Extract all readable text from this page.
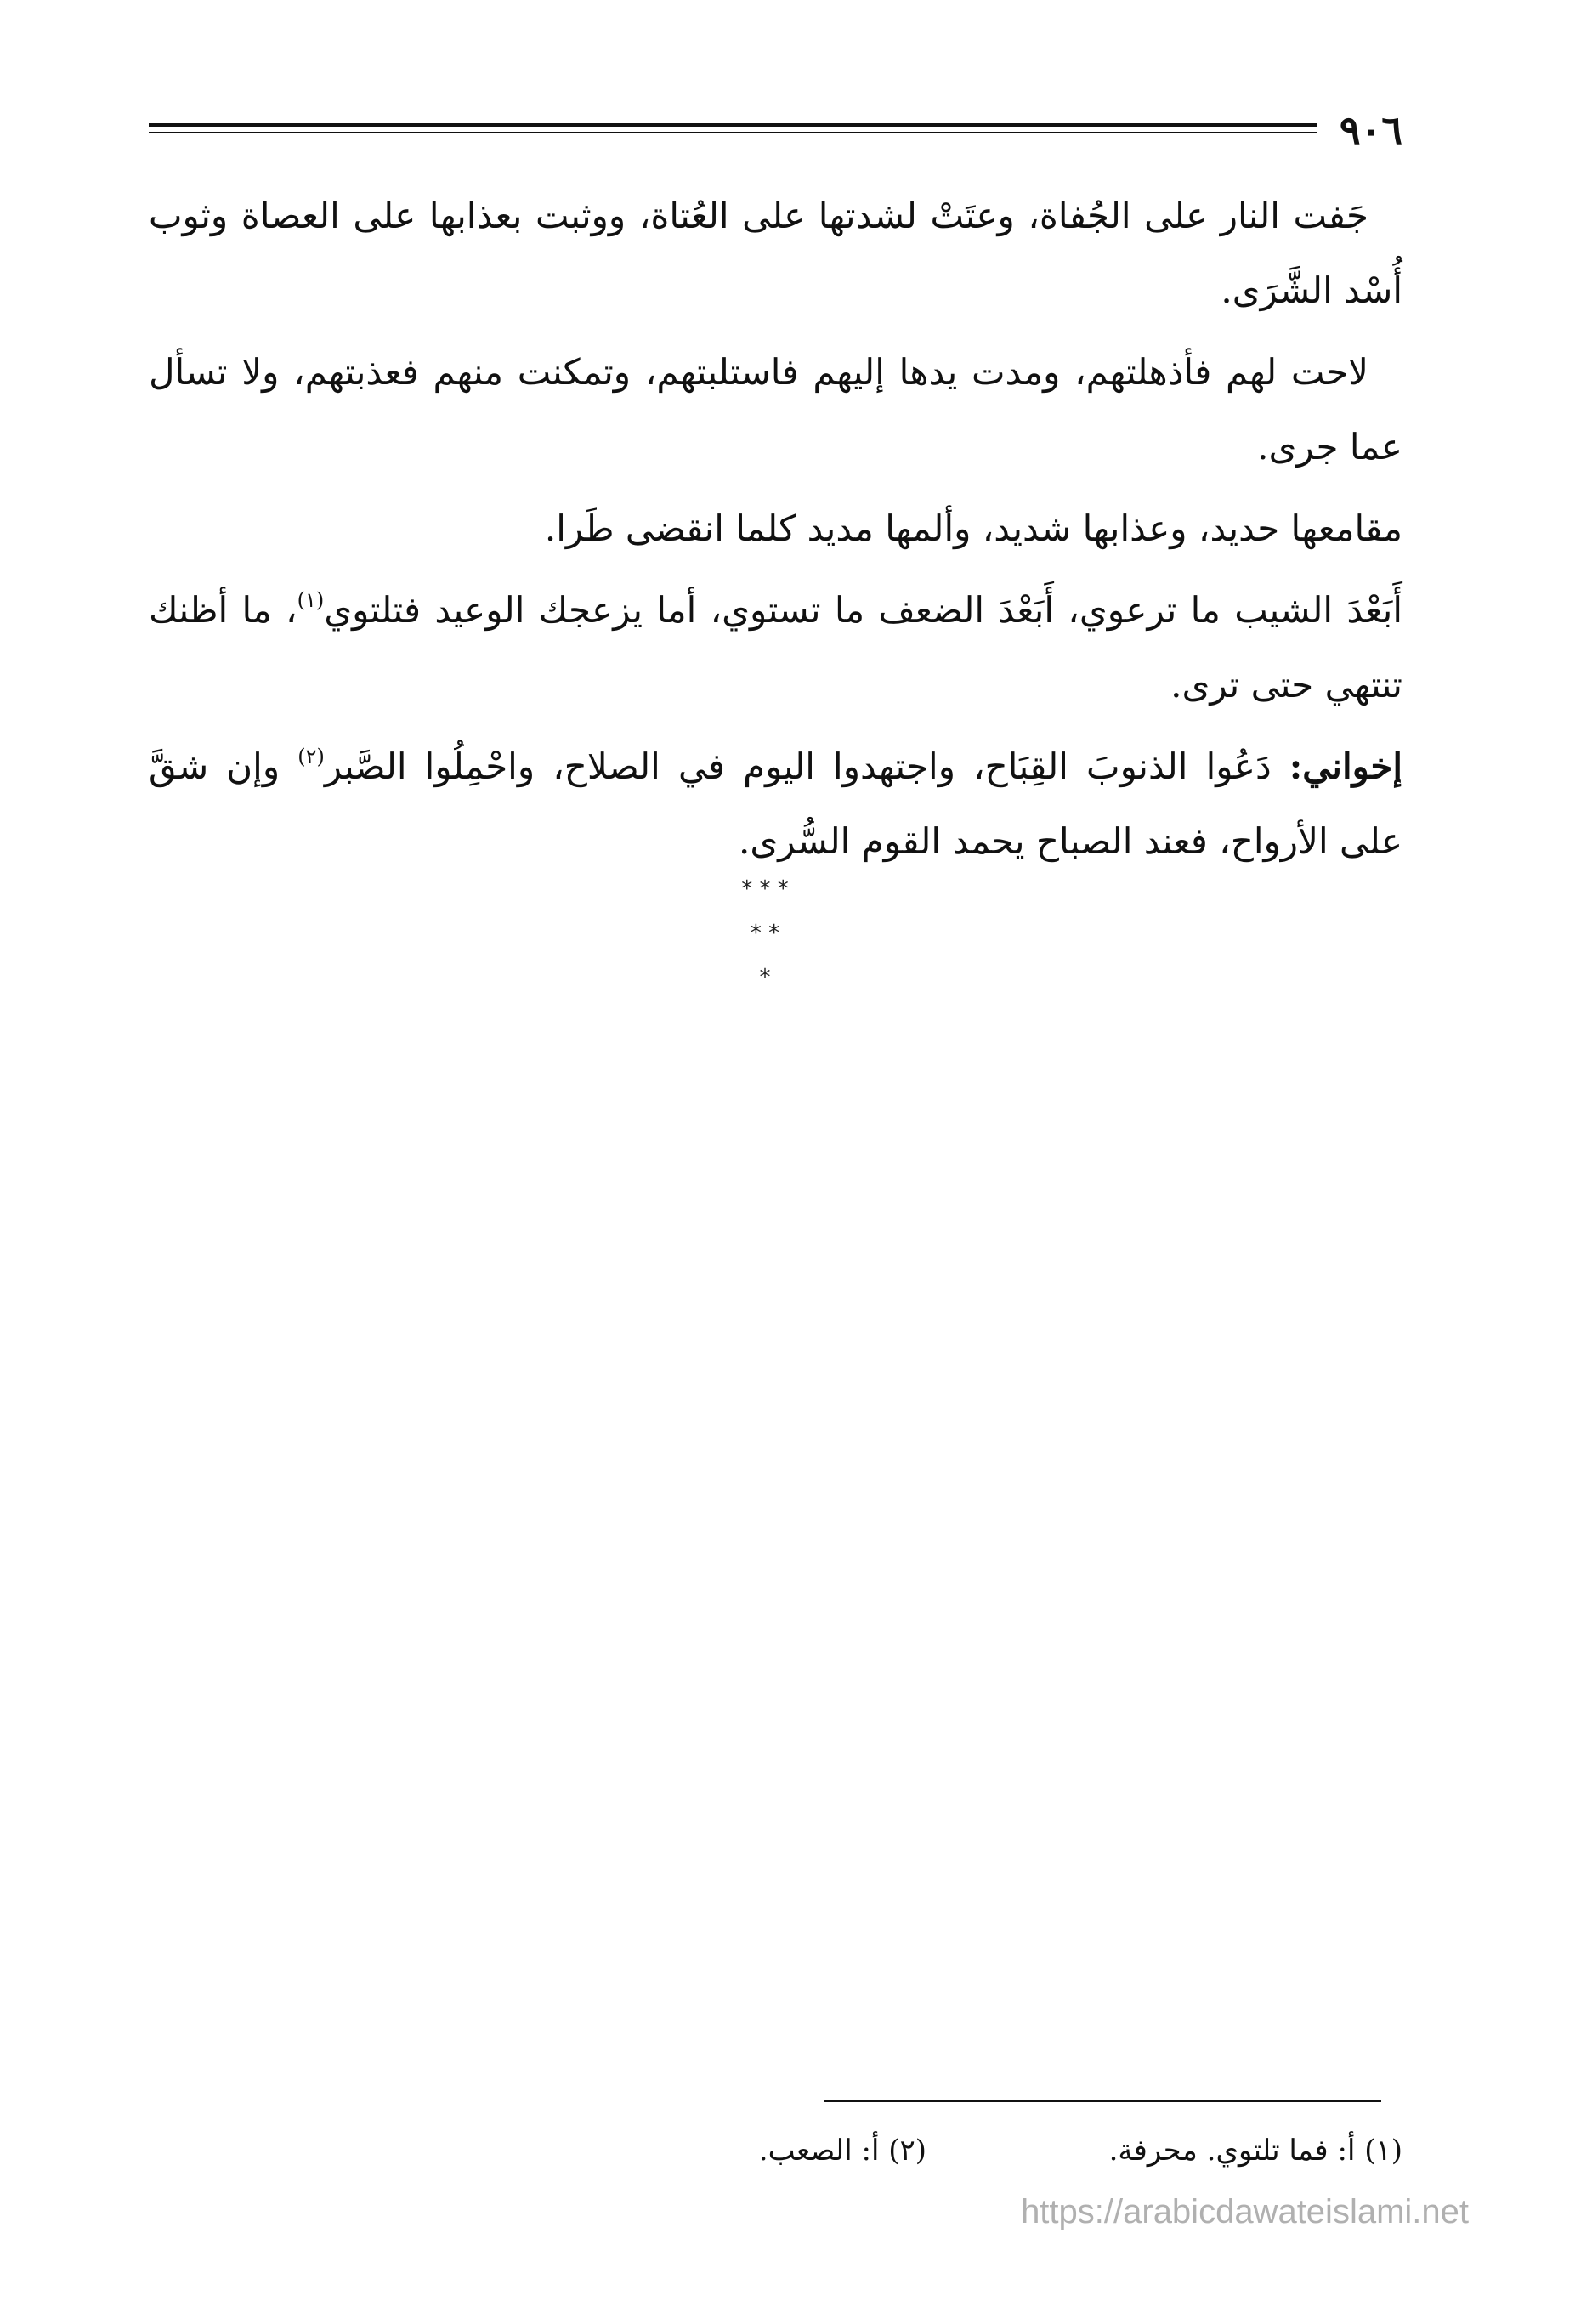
٩٠٦

جَفت النار على الجُفاة، وعتَتْ لشدتها على العُتاة، ووثبت بعذابها على العصاة وثوب أُسْد الشَّرَى.

لاحت لهم فأذهلتهم، ومدت يدها إليهم فاستلبتهم، وتمكنت منهم فعذبتهم، ولا تسأل عما جرى.

مقامعها حديد، وعذابها شديد، وألمها مديد كلما انقضى طَرا.

أَبَعْدَ الشيب ما ترعوي، أَبَعْدَ الضعف ما تستوي، أما يزعجك الوعيد فتلتوي$^{(١)}$، ما أظنك تنتهي حتى ترى.

إخواني: دَعُوا الذنوبَ القِبَاح، واجتهدوا اليوم في الصلاح، واحْمِلُوا الصَّبر$^{(٢)}$ وإن شقَّ على الأرواح، فعند الصباح يحمد القوم السُّرى.

* * *
* *
*
(١) أ: فما تلتوي. محرفة.
(٢) أ: الصعب.
https://arabicdawateislami.net
